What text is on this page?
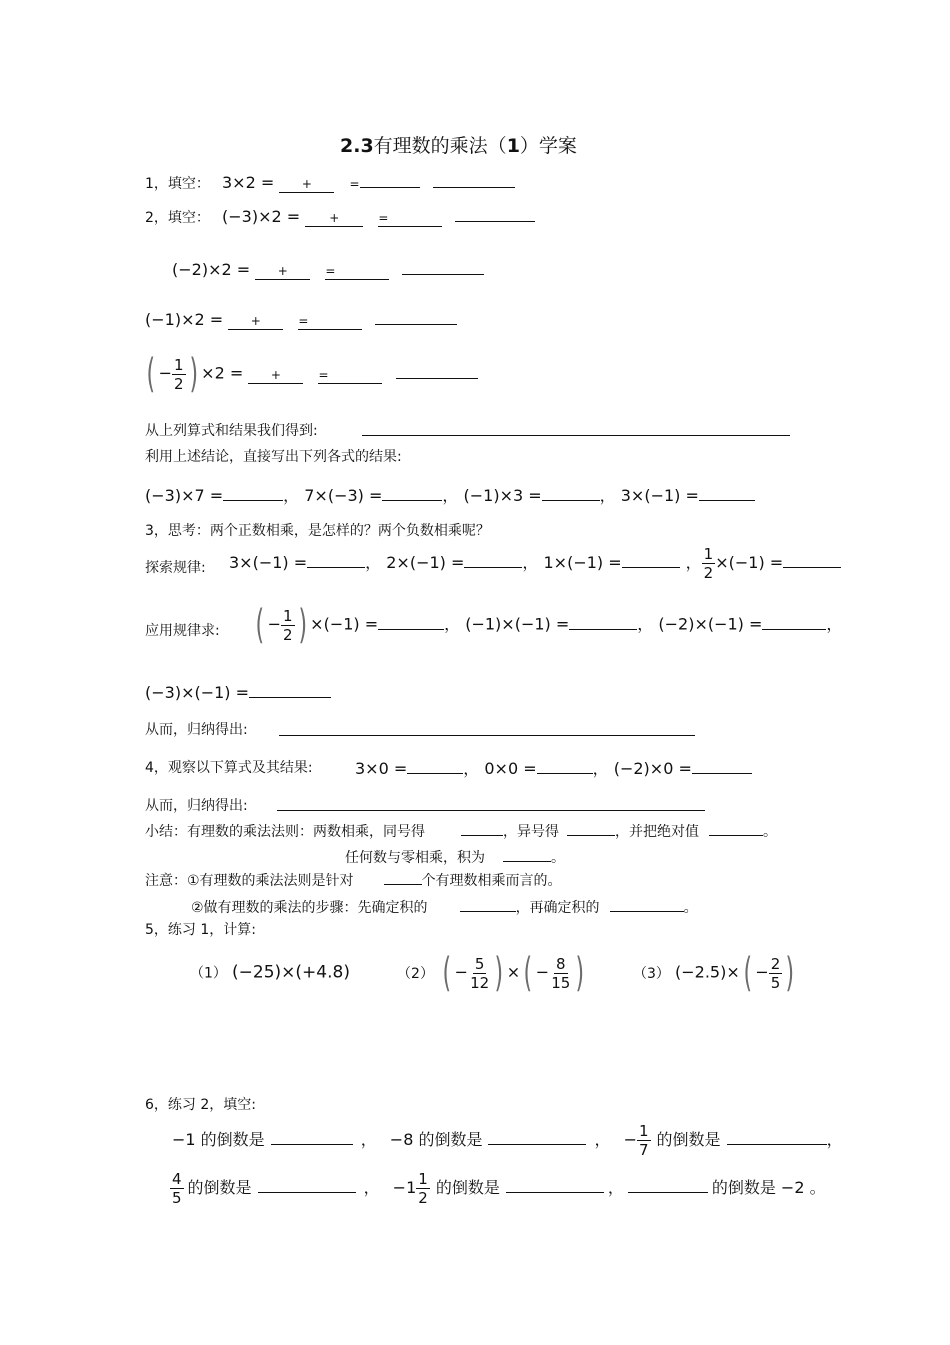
2.3有理数的乘法（1）学案
1，填空： 3×2 = +	=
2，填空： (−3)×2 = +	=
(−2)×2 = +	=
(−1)×2 = +	=
( − $\frac{1}{2}$ ) ×2 = +	=
从上列算式和结果我们得到:
利用上述结论，直接写出下列各式的结果:
(−3)×7 =	， 7×(−3) =	， (−1)×3 =	， 3×(−1) =
3，思考：两个正数相乘，是怎样的？两个负数相乘呢？
探索规律: 3×(−1) =	， 2×(−1) =	， 1×(−1) =	， $\frac{1}{2} \times(-1)$ =
应用规律求: ( − $\frac{1}{2}$ ) ×(−1) =	， (−1)×(−1) =	， (−2)×(−1) =	，
(−3)×(−1) =
从而，归纳得出:
4，观察以下算式及其结果:	3×0 =	， 0×0 =	， (−2)×0 =
从而，归纳得出:
小结：有理数的乘法法则：两数相乘，同号得	，异号得	，并把绝对值	。
任何数与零相乘，积为	。
注意：①有理数的乘法法则是针对	个有理数相乘而言的。
②做有理数的乘法的步骤：先确定积的	，再确定积的	。
5，练习 1，计算:
（1） (−25)×(+4.8)	（2） ( − $\frac{5}{12}$ ) ×( − $\frac{8}{15}$ )	（3） $(-2.5)\times( - \frac{2}{5}$ )
6，练习 2，填空:
−1 的倒数是	， −8 的倒数是	， − $\frac{1}{7}$ 的倒数是	，
$\frac{4}{5}$ 的倒数是	， $-1 \frac{1}{2}$ 的倒数是	，	的倒数是 −2 。
